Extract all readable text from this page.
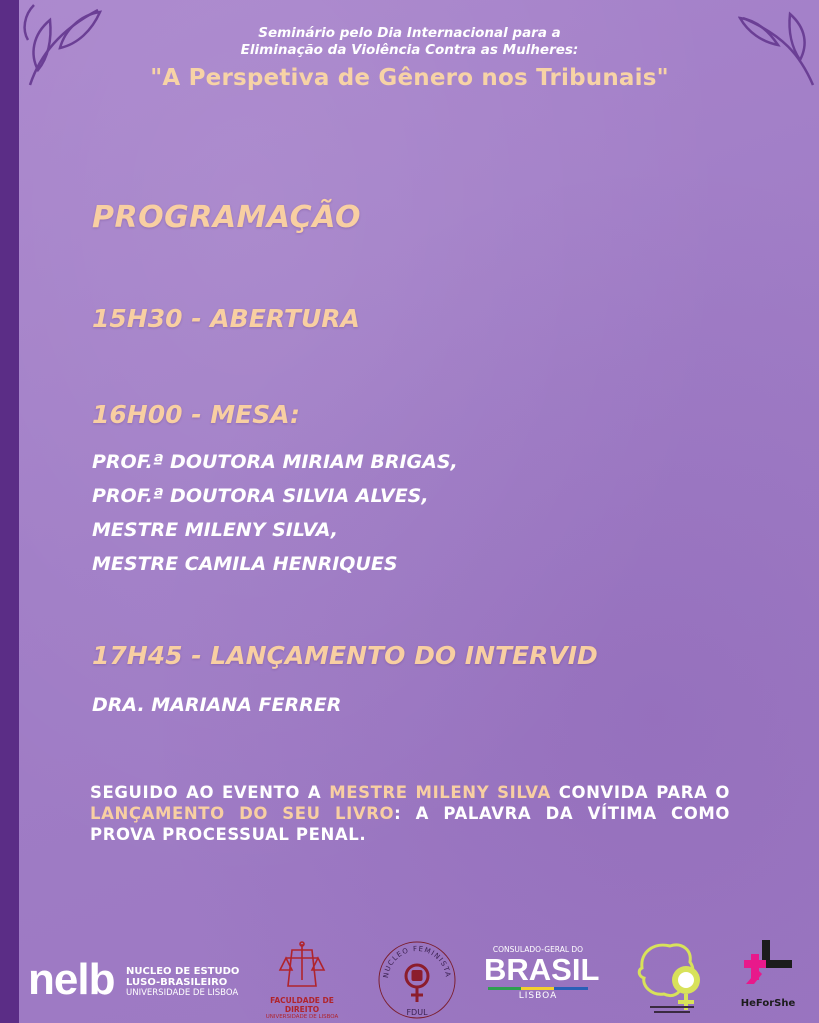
Seminário pelo Dia Internacional para a
Eliminação da Violência Contra as Mulheres:
"A Perspetiva de Gênero nos Tribunais"
PROGRAMAÇÃO
15H30 - ABERTURA
16H00 - MESA:
PROF.ª DOUTORA MIRIAM BRIGAS,
PROF.ª DOUTORA SILVIA ALVES,
MESTRE MILENY SILVA,
MESTRE CAMILA HENRIQUES
17H45 - LANÇAMENTO DO INTERVID
DRA. MARIANA FERRER
SEGUIDO AO EVENTO A MESTRE MILENY SILVA CONVIDA PARA O LANÇAMENTO DO SEU LIVRO: A PALAVRA DA VÍTIMA COMO PROVA PROCESSUAL PENAL.
nelb NUCLEO DE ESTUDO
LUSO-BRASILEIRO
UNIVERSIDADE DE LISBOA
FACULDADE DE DIREITO
UNIVERSIDADE DE LISBOA
NUCLEO FEMINISTA
FDUL
CONSULADO-GERAL DO
BRASIL
LISBOA
HeForShe
